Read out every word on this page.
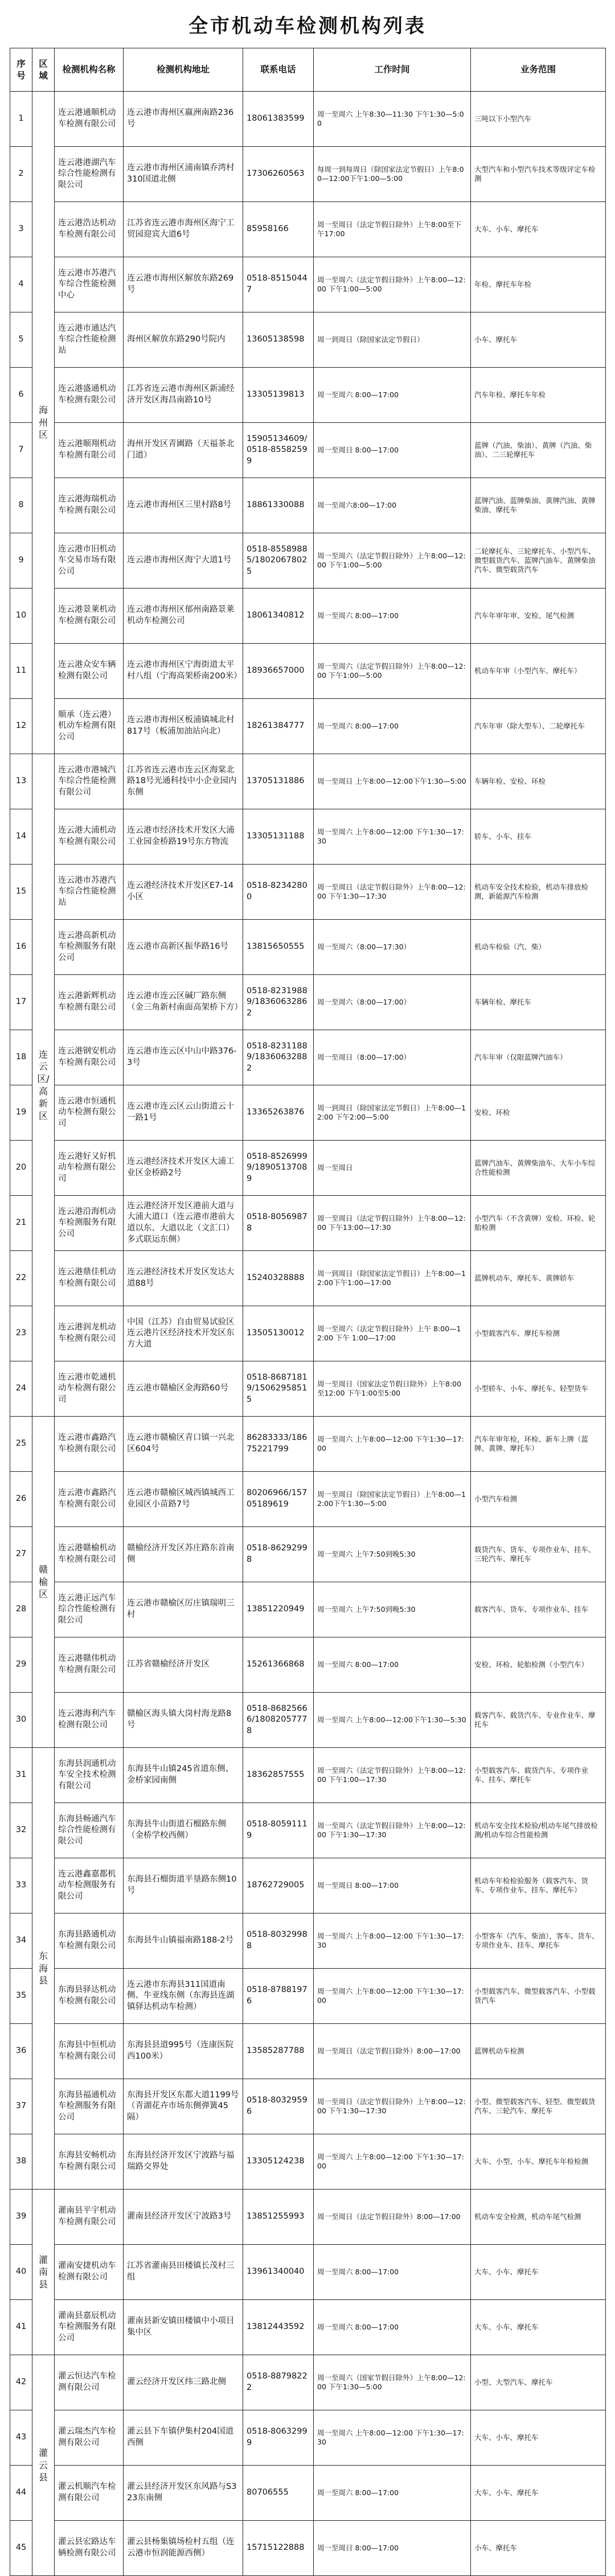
全市机动车检测机构列表
序号	区域	检测机构名称	检测机构地址	联系电话	工作时间	业务范围
1	海州区	连云港通顺机动车检测有限公司	连云港市海州区嬴洲南路236号	18061383599	周一至周六 上午8:30—11:30 下午1:30—5:00	三吨以下小型汽车
2		连云港港湖汽车综合性能检测有限公司	连云港市海州区浦南镇乔湾村310国道北侧	17306260563	每周一到每周日（除国家法定节假日）上午8:00—12:00下午1:00—5:00	大型汽车和小型汽车技术等级评定车检测
3		连云港浩达机动车检测有限公司	江苏省连云港市海州区海宁工贸园迎宾大道6号	85958166	周一至周日（法定节假日除外）上午8:00至下午17:00	大车、小车、摩托车
4		连云港市苏港汽车综合性能检测中心	连云港市海州区解放东路269号	0518-85150447	周一至周六（法定节假日除外）上午8:00—12:00 下午1:00—5:00	年检、摩托车年检
5		连云港市通达汽车综合性能检测站	海州区解放东路290号院内	13605138598	周一到周日（除国家法定节假日）	小车、摩托车
6		连云港盛通机动车检测有限公司	江苏省连云港市海州区新浦经济开发区海昌南路10号	13305139813	周一至周六 8:00—17:00	汽车年检、摩托车年检
7		连云港顺翔机动车检测有限公司	海州开发区青圃路（天福茶北门道）	15905134609/0518-85582599	周一至周日 8:00—17:00	蓝牌（汽油、柴油）、黄牌（汽油、柴油）、二三轮摩托车
8		连云港海瑞机动车检测有限公司	连云港市海州区三里村路8号	18861330088	周一至周六8:00—17:00	蓝牌汽油、蓝牌柴油、黄牌汽油、黄牌柴油、摩托车
9		连云港市旧机动车交易市场有限公司	连云港市海州区海宁大道1号	0518-85589885/18020678025	周一至周六（法定节假日除外）上午8:00—12:00 下午1:00—5:00	二轮摩托车、三轮摩托车、小型汽车、微型载货汽车、蓝牌汽油车、黄牌柴油汽车、微型载货汽车
10		连云港景莱机动车检测有限公司	连云港市海州区郁州南路景莱机动车检测公司	18061340812	周一至周六 8:00—17:00	汽车年审年审、安检、尾气检测
11		连云港众安车辆检测有限公司	连云港市海州区宁海街道太平村八组（宁海高架桥南200米）	18936657000	周一至周六（法定节假日除外）上午8:00—12:00 下午1:00—5:00	机动车年审（小型汽车、摩托车）
12		顺承（连云港）机动车检测有限公司	连云港市海州区板浦镇城北村817号（板浦加油站向北）	18261384777	周一至周六 8:00—17:00	汽车年审（除大型车）、二轮摩托车
13	连云区/高新区	连云港市港城汽车综合性能检测有限公司	江苏省连云港市连云区海棠北路18号光通科技中小企业园内东侧	13705131886	周一至周日 上午8:00—12:00下午1:30—5:00	车辆年检、安检、环检
14		连云港大浦机动车检测有限公司	连云港市经济技术开发区大浦工业园金桥路19号东方物流	13305131188	周一至周六 上午8:00—12:00 下午1:30—17:30	轿车、小车、挂车
15		连云港市苏港汽车综合性能检测站	连云港经济技术开发区E7-14小区	0518-82342800	周一至周日（法定节假日除外）上午8:00—12:00 下午1:30—17:30	机动车安全技术检验，机动车排放检测，新能源汽车检测
16		连云港高新机动车检测服务有限公司	连云港市高新区振华路16号	13815650555	周一至周六（8:00—17:30）	机动车检验（汽、柴）
17		连云港新辉机动车检测有限公司	连云港市连云区碱厂路东侧（金三角新村南面高架桥下方）	0518-82319889/18360632862	周一至周六（8:00—17:00）	车辆年检、摩托车
18		连云港钢安机动车检测有限公司	连云港市连云区中山中路376-3号	0518-82311889/18360632882	周一至周日（8:00—17:00）	汽车年审（仅限蓝牌汽油车）
19		连云港市恒通机动车检测有限公司	连云港市连云区云山街道云十一路1号	13365263876	周一到周日（除国家法定节假日）上午8:00—12:00 下午2:00—5:00	安检、环检
20		连云港好又好机动车检测有限公司	连云港经济技术开发区大浦工业区金桥路2号	0518-85269999/18905137089	周一至周日	蓝牌汽油车、黄牌柴油车、大车小车综合性能检测
21		连云港沿海机动车检测服务有限公司	连云港经济开发区港前大道与大浦大道口（连云港市港前大道以东、大道以北（文汇口）多式联运东侧）	0518-80569878	周一至周日（法定节假日除外）上午8:00—12:00 下午13:00—17:30	小型汽车（不含黄牌）安检、环检、轮胎检测
22		连云港鼎佳机动车检测有限公司	连云港经济技术开发区发达大道88号	15240328888	周一到周日（除国家法定节假日）上午8:00—12:00下午1:00—17:00	蓝牌机动车，摩托车、黄牌轿车
23		连云港润龙机动车检测有限公司	中国（江苏）自由贸易试验区连云港片区经济技术开发区东方大道	13505130012	周一至周六（法定节假日除外）上午 8:00—12:00 下午 1:00—17:00	小型载客汽车、摩托车检测
24		连云港市乾通机动车检测有限公司	连云港市赣榆区金海路60号	0518-86871819/15062958515	周一至周日（国家法定节假日除外）上午8:00至12:00 下午1:00至5:00	小型轿车、小车、摩托车、轻型货车
25	赣榆区	连云港市鑫路汽车检测有限公司	连云港市赣榆区青口镇一兴北区604号	86283333/18675221799	周一至周六 上午8:00—12:00 下午1:30—17:00	汽车年审年检，环检、新车上牌（蓝牌、黄牌、摩托车）
26		连云港市鑫路汽车检测有限公司	连云港市赣榆区城西镇城西工业园区小苗路7号	80206966/15705189619	周一至周日（除国家法定节假日）上午8:00—12:00下午1:30—5:00	小型汽车检测
27		连云港赣榆机动车检测有限公司	赣榆经济开发区苏庄路东首南侧	0518-86292998	周一至周六 上午7:50到晚5:30	载货汽车、货车、专项作业车、挂车、三轮汽车、摩托车
28		连云港正远汽车综合性能检测有限公司	连云港市赣榆区厉庄镇瑞明三村	13851220949	周一至周六 上午7:50到晚5:30	载客汽车、货车、专项作业车、挂车
29		连云港赣伟机动车检测有限公司	江苏省赣榆经济开发区	15261366868	周一至周六 8:00—17:00	安检、环检、轮胎检测（小型汽车）
30		连云港海利汽车检测有限公司	赣榆区海头镇大岗村海龙路8号	0518-86825666/18082057778	周一至周六 上午8:00—12:00下午1:30—5:30	载客汽车、载货汽车、专业作业车、摩托车
31	东海县	东海县润通机动车安全技术检测有限公司	东海县牛山镇245省道东侧、金桥家园南侧	18362857555	周一至周六（法定节假日除外）上午8:00—12:00 下午1:00—17:30	小型载客汽车、载货汽车、专项作业车、挂车、摩托车
32		东海县畅通汽车综合性能检测有限公司	东海县牛山街道石榴路东侧（金桥学校西侧）	0518-80591119	周一至周六（法定节假日除外）上午8:00—12:00 下午1:30—17:30	机动车安全技术检验/机动车尾气排放检测/机动车综合性能检测
33		连云港鑫嘉都机动车检测服务有限公司	东海县石榴街道平垦路东侧10号	18762729005	周一至周日 8:00—17:00	机动车年检检验服务（载客汽车、货车、专项作业车、挂车、摩托车）
34		东海县路通机动车检测有限公司	东海县牛山镇福南路188-2号	0518-80329988	周一至周六 上午8:00—12:00 下午1:30—17:30	小型客车（汽车、柴油），客车、货车、专项作业车、挂车、摩托车
35		东海县驿达机动车检测有限公司	连云港市东海县311国道南侧、牛亚线东侧（东海县连湖镇驿达机动车检测）	0518-87881976	周一至周六 上午8:00—12:00 下午1:30—17:00	小型载客汽车、微型载客汽车、小型载货汽车
36		东海县中恒机动车检测有限公司	东海县县道995号（连康医院西100米）	13585287788	周一至周日（法定节假日除外）8:00—17:00	蓝牌机动车检测
37		东海县福通机动车检测服务有限公司	东海县开发区东都大道1199号（青湖花卉市场东侧弹簧45隔）	0518-80329596	周一至周日（法定节假日除外）上午8:00—12:00 下午1:30—17:30	小型、微型载客汽车、轻型、微型载货汽车、三轮汽车、摩托车
38		东海县安畅机动车检测有限公司	东海县经济开发区宁波路与福瑞路交界处	13305124238	周一至周六 上午8:00—12:00 下午1:30—17:00	大车、小型、小车、摩托车年检检测
39	灌南县	灌南县平宇机动车检测有限公司	灌南县经济开发区宁波路3号	13851255993	周一至周日（法定节假日除外）8:00—17:00	机动车安全检测，机动车尾气检测
40		灌南安捷机动车检测有限公司	江苏省灌南县田楼镇长茂村三组	13961340040	周一至周六 8:00—17:00	大车、小车、摩托车
41		灌南县嘉辰机动车检测服务有限公司	灌南县新安镇田楼镇中小项目集中区	13812443592	周一至周六 8:00—17:00	大车、小车、摩托车
42	灌云县	灌云恒达汽车检测有限公司	灌云经济开发区纬三路北侧	0518-88798222	周一至周六（国家节假日除外）上午8:00—12:00 下午1:30—5:00	小型、大型汽车、摩托车
43		灌云瑞杰汽车检测有限公司	灌云县下车镇伊集村204国道西侧	0518-80632999	周一至周六 上午8:00—12:00 下午1:30—17:30	大车、小车、摩托车
44		灌云机顺汽车检测有限公司	灌云县经济开发区东风路与S323东南侧	80706555	周一至周六 8:00—17:00	大车、小车、摩托车
45		灌云县宏路达车辆检测有限公司	灌云县杨集镇场检村五组（连云港市恒润能源西侧）	15715122888	周一至周日 8:00—17:00	小车、摩托车
